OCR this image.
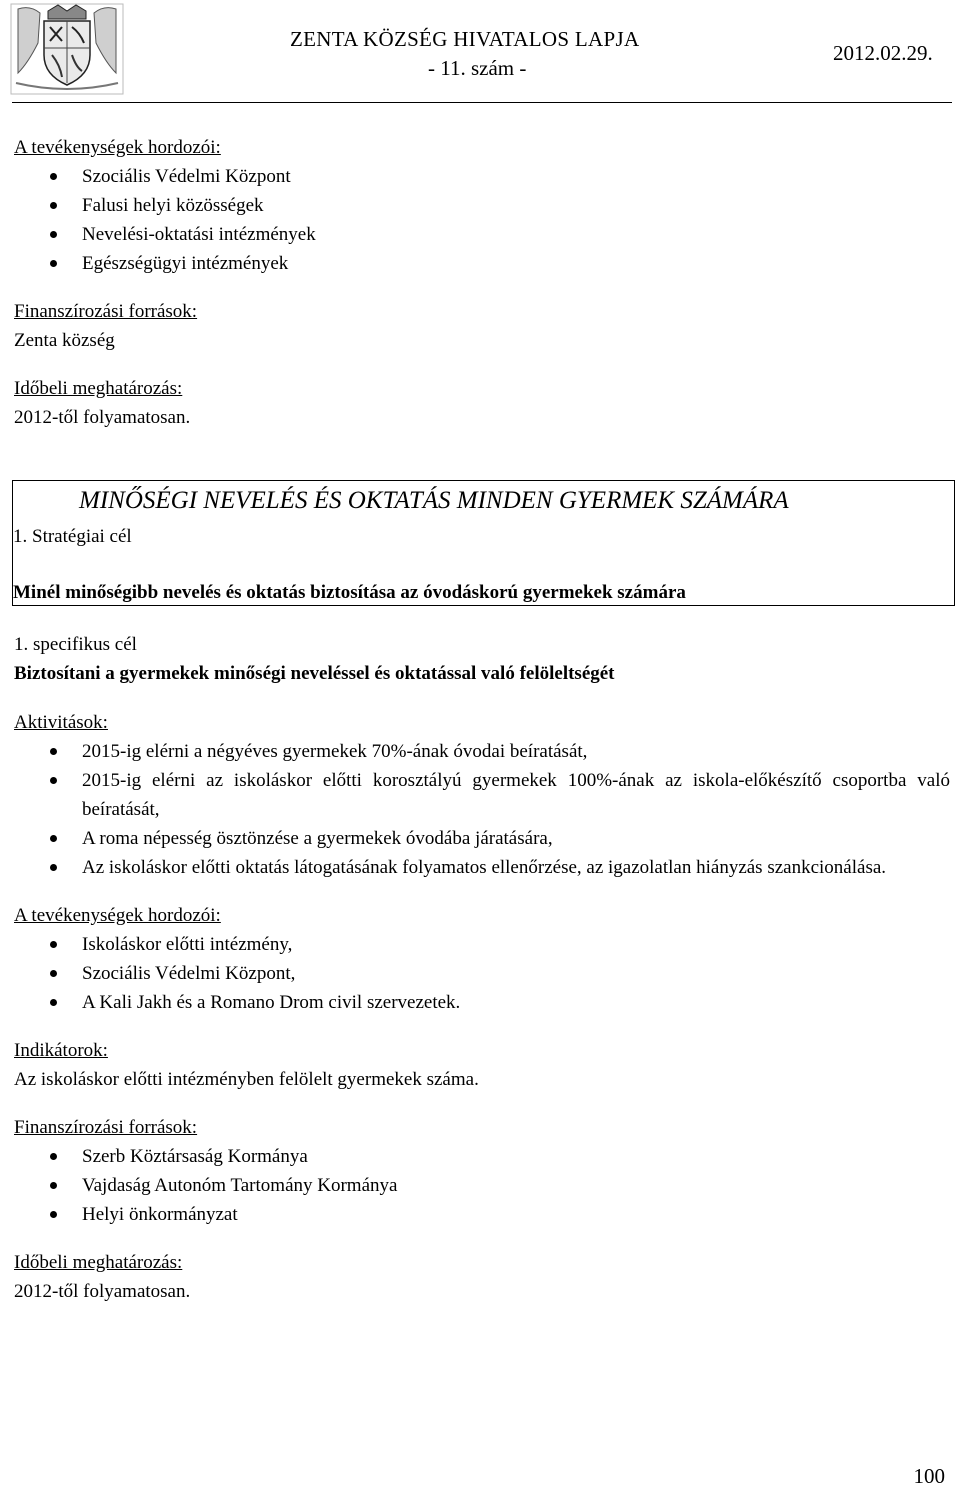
ZENTA KÖZSÉG HIVATALOS LAPJA
- 11. szám -
2012.02.29.

A tevékenységek hordozói:

Szociális Védelmi Központ
Falusi helyi közösségek
Nevelési-oktatási intézmények
Egészségügyi intézmények

Finanszírozási források:

Zenta község

Időbeli meghatározás:

2012-től folyamatosan.

MINŐSÉGI NEVELÉS ÉS OKTATÁS MINDEN GYERMEK SZÁMÁRA
1. Stratégiai cél
Minél minőségibb nevelés és oktatás biztosítása az óvodáskorú gyermekek számára

1. specifikus cél

Biztosítani a gyermekek minőségi neveléssel és oktatással való felöleltségét

Aktivitások:

2015-ig elérni a négyéves gyermekek 70%-ának óvodai beíratását,
2015-ig elérni az iskoláskor előtti korosztályú gyermekek 100%-ának az iskola-előkészítő csoportba való beíratását,
A roma népesség ösztönzése a gyermekek óvodába járatására,
Az iskoláskor előtti oktatás látogatásának folyamatos ellenőrzése, az igazolatlan hiányzás szankcionálása.

A tevékenységek hordozói:

Iskoláskor előtti intézmény,
Szociális Védelmi Központ,
A Kali Jakh és a Romano Drom civil szervezetek.

Indikátorok:

Az iskoláskor előtti intézményben felölelt gyermekek száma.

Finanszírozási források:

Szerb Köztársaság Kormánya
Vajdaság Autonóm Tartomány Kormánya
Helyi önkormányzat

Időbeli meghatározás:

2012-től folyamatosan.

100
